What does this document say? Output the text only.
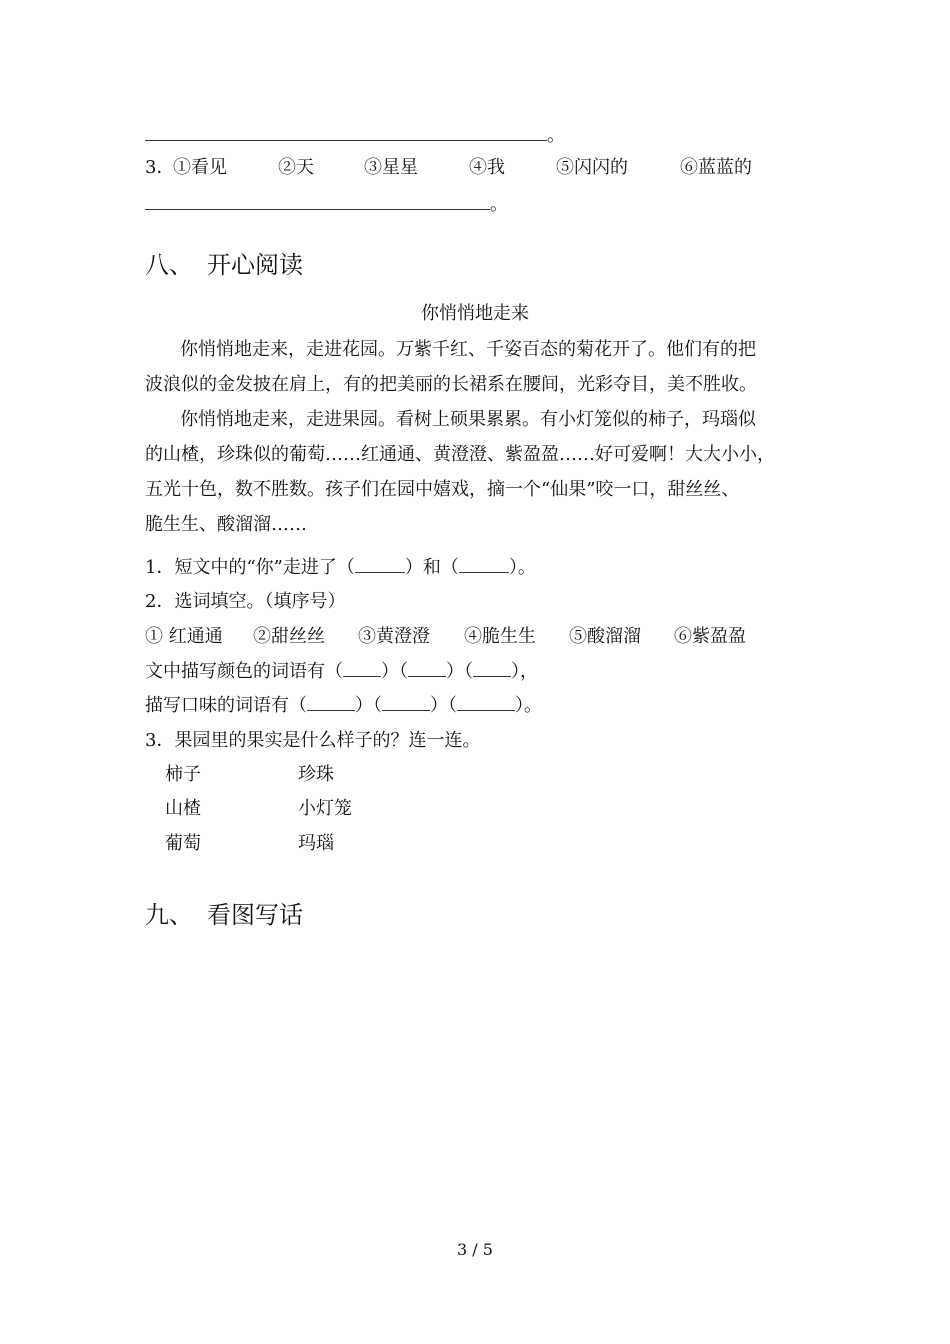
。
3．
①看见	②天	③星星	④我	⑤闪闪的	⑥蓝蓝的
。
八、 开心阅读
你悄悄地走来
你悄悄地走来，走进花园。万紫千红、千姿百态的菊花开了。他们有的把
波浪似的金发披在肩上，有的把美丽的长裙系在腰间，光彩夺目，美不胜收。
你悄悄地走来，走进果园。看树上硕果累累。有小灯笼似的柿子，玛瑙似
的山楂，珍珠似的葡萄……红通通、黄澄澄、紫盈盈……好可爱啊！大大小小，
五光十色，数不胜数。孩子们在园中嬉戏，摘一个“仙果”咬一口，甜丝丝、
脆生生、酸溜溜……
1．短文中的“你”走进了（	）和（	）。
2．选词填空。（填序号）
① 红通通 ②甜丝丝 ③黄澄澄 ④脆生生 ⑤酸溜溜 ⑥紫盈盈
文中描写颜色的词语有（ ）（ ）（ ），
描写口味的词语有（	）（	）（	）。
3．果园里的果实是什么样子的？连一连。
柿子	珍珠
山楂	小灯笼
葡萄	玛瑙
九、 看图写话
3 / 5
